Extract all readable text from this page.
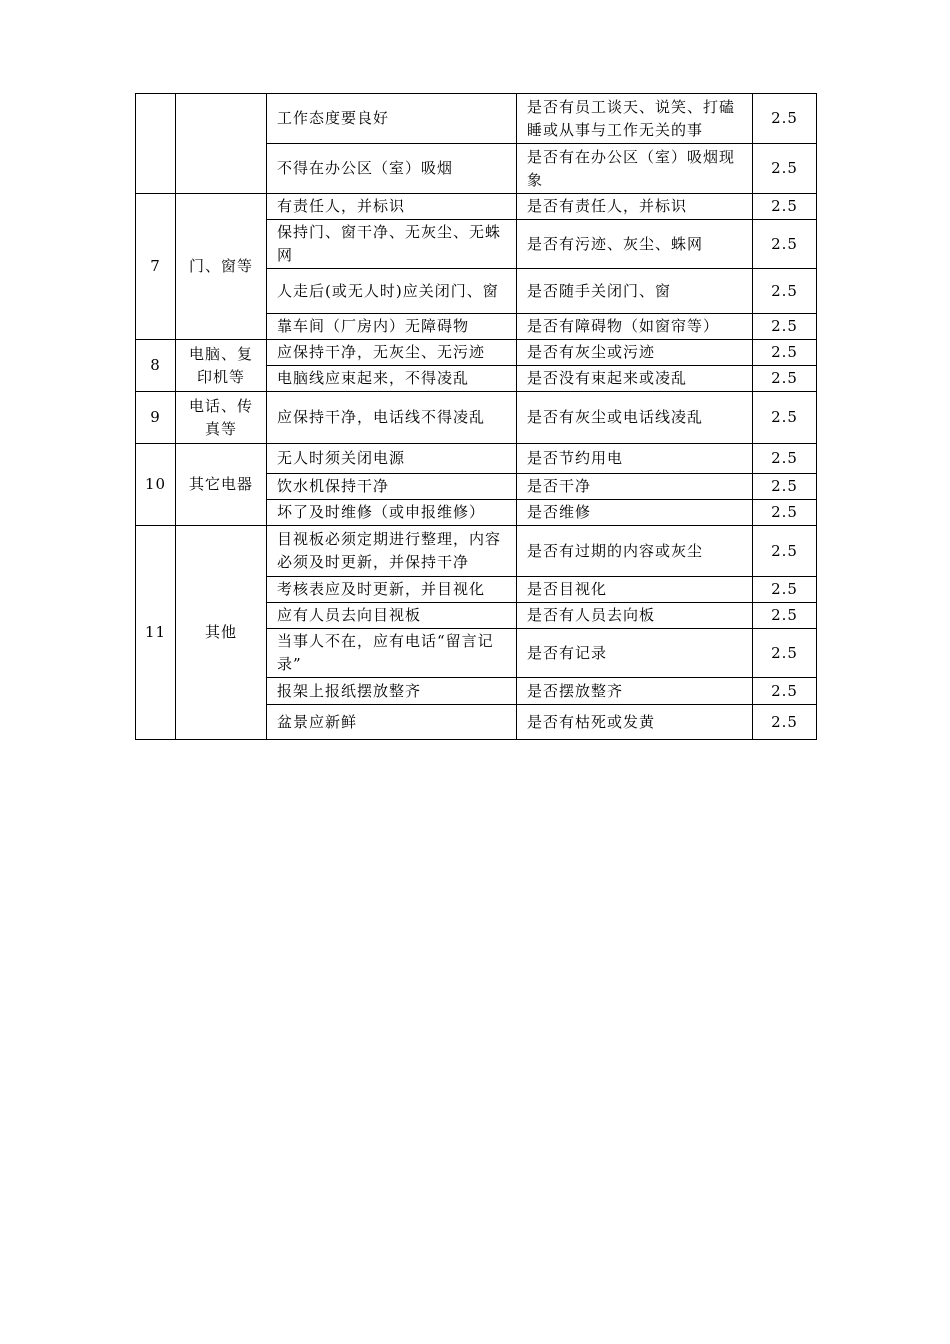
		工作态度要良好	是否有员工谈天、说笑、打磕睡或从事与工作无关的事	2.5
		不得在办公区（室）吸烟	是否有在办公区（室）吸烟现象	2.5
7	门、窗等	有责任人，并标识	是否有责任人，并标识	2.5
		保持门、窗干净、无灰尘、无蛛网	是否有污迹、灰尘、蛛网	2.5
		人走后(或无人时)应关闭门、窗	是否随手关闭门、窗	2.5
		靠车间（厂房内）无障碍物	是否有障碍物（如窗帘等）	2.5
8	电脑、复印机等	应保持干净，无灰尘、无污迹	是否有灰尘或污迹	2.5
		电脑线应束起来，不得凌乱	是否没有束起来或凌乱	2.5
9	电话、传真等	应保持干净，电话线不得凌乱	是否有灰尘或电话线凌乱	2.5
10	其它电器	无人时须关闭电源	是否节约用电	2.5
		饮水机保持干净	是否干净	2.5
		坏了及时维修（或申报维修）	是否维修	2.5
11	其他	目视板必须定期进行整理，内容必须及时更新，并保持干净	是否有过期的内容或灰尘	2.5
		考核表应及时更新，并目视化	是否目视化	2.5
		应有人员去向目视板	是否有人员去向板	2.5
		当事人不在，应有电话“留言记录”	是否有记录	2.5
		报架上报纸摆放整齐	是否摆放整齐	2.5
		盆景应新鲜	是否有枯死或发黄	2.5
